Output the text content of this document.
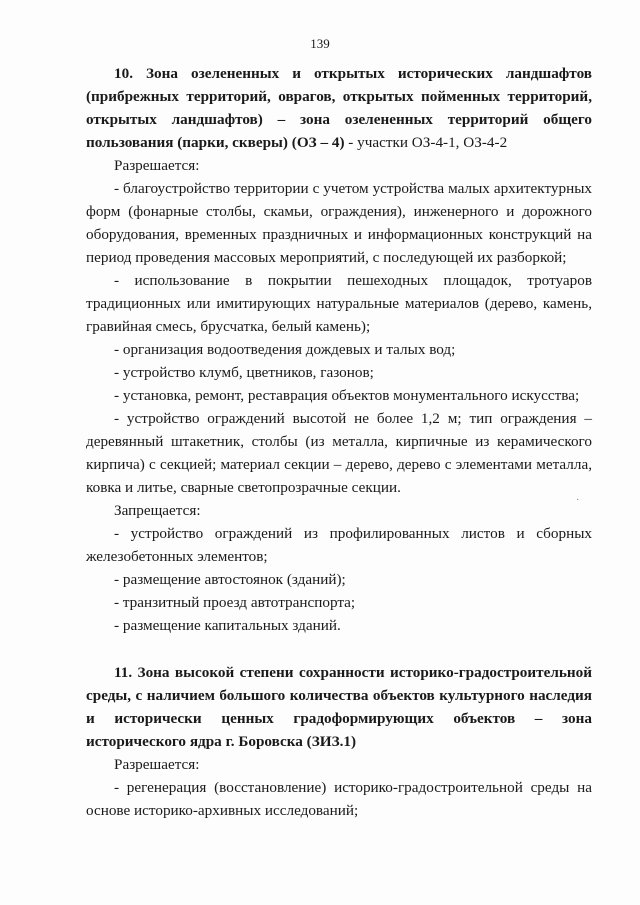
139

10. Зона озелененных и открытых исторических ландшафтов (прибрежных территорий, оврагов, открытых пойменных территорий, открытых ландшафтов) – зона озелененных территорий общего пользования (парки, скверы) (ОЗ – 4) - участки ОЗ-4-1, ОЗ-4-2

Разрешается:

- благоустройство территории с учетом устройства малых архитектурных форм (фонарные столбы, скамьи, ограждения), инженерного и дорожного оборудования, временных праздничных и информационных конструкций на период проведения массовых мероприятий, с последующей их разборкой;

- использование в покрытии пешеходных площадок, тротуаров традиционных или имитирующих натуральные материалов (дерево, камень, гравийная смесь, брусчатка, белый камень);

- организация водоотведения дождевых и талых вод;

- устройство клумб, цветников, газонов;

- установка, ремонт, реставрация объектов монументального искусства;

- устройство ограждений высотой не более 1,2 м; тип ограждения – деревянный штакетник, столбы (из металла, кирпичные из керамического кирпича) с секцией; материал секции – дерево, дерево с элементами металла, ковка и литье, сварные светопрозрачные секции.

Запрещается:

- устройство ограждений из профилированных листов и сборных железобетонных элементов;

- размещение автостоянок (зданий);

- транзитный проезд автотранспорта;

- размещение капитальных зданий.

11. Зона высокой степени сохранности историко-градостроительной среды, с наличием большого количества объектов культурного наследия и исторически ценных градоформирующих объектов – зона исторического ядра г. Боровска (ЗИЗ.1)

Разрешается:

- регенерация (восстановление) историко-градостроительной среды на основе историко-архивных исследований;

·
